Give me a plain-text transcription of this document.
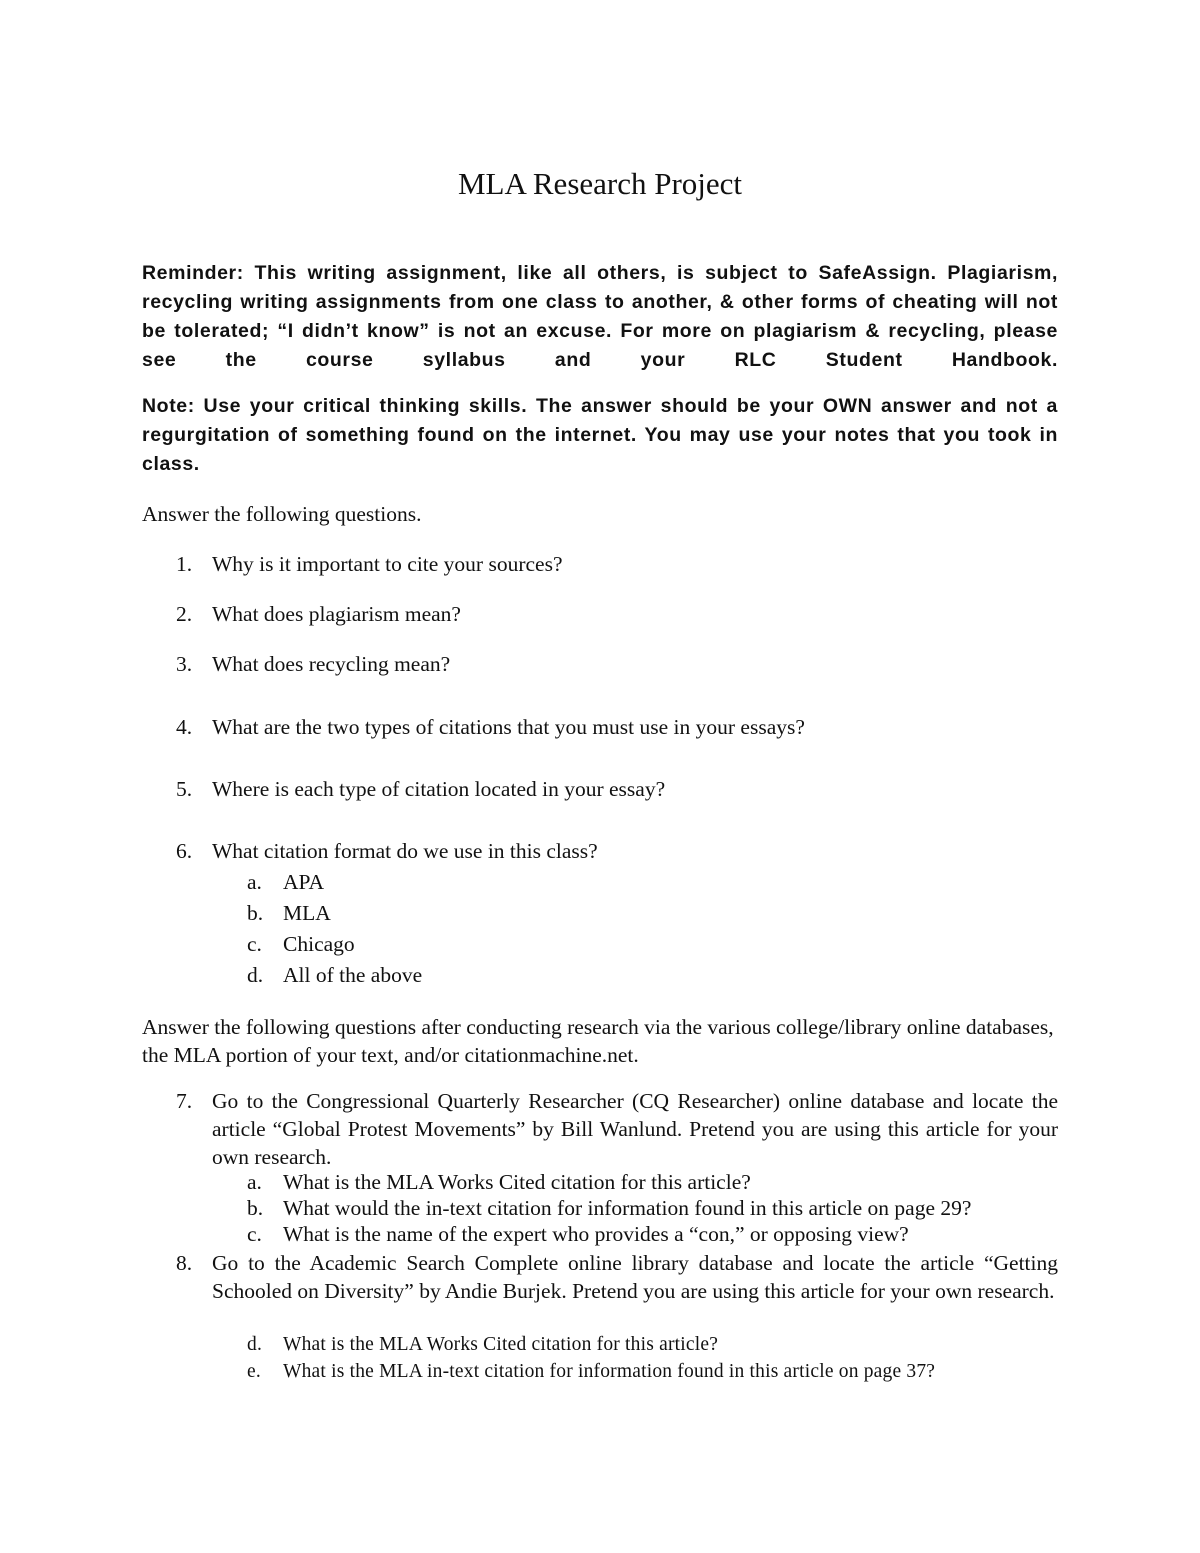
MLA Research Project

Reminder: This writing assignment, like all others, is subject to SafeAssign. Plagiarism, recycling writing assignments from one class to another, & other forms of cheating will not be tolerated; “I didn’t know” is not an excuse. For more on plagiarism & recycling, please see the course syllabus and your RLC Student Handbook.

Note: Use your critical thinking skills. The answer should be your OWN answer and not a regurgitation of something found on the internet. You may use your notes that you took in class.

Answer the following questions.

1. Why is it important to cite your sources?
2. What does plagiarism mean?
3. What does recycling mean?
4. What are the two types of citations that you must use in your essays?
5. Where is each type of citation located in your essay?
6. What citation format do we use in this class?
a. APA
b. MLA
c. Chicago
d. All of the above

Answer the following questions after conducting research via the various college/library online databases, the MLA portion of your text, and/or citationmachine.net.

7. Go to the Congressional Quarterly Researcher (CQ Researcher) online database and locate the article “Global Protest Movements” by Bill Wanlund. Pretend you are using this article for your own research.
a. What is the MLA Works Cited citation for this article?
b. What would the in-text citation for information found in this article on page 29?
c. What is the name of the expert who provides a “con,” or opposing view?
8. Go to the Academic Search Complete online library database and locate the article “Getting Schooled on Diversity” by Andie Burjek. Pretend you are using this article for your own research.
d. What is the MLA Works Cited citation for this article?
e.	What is the MLA in-text citation for information found in this article on page 37?
